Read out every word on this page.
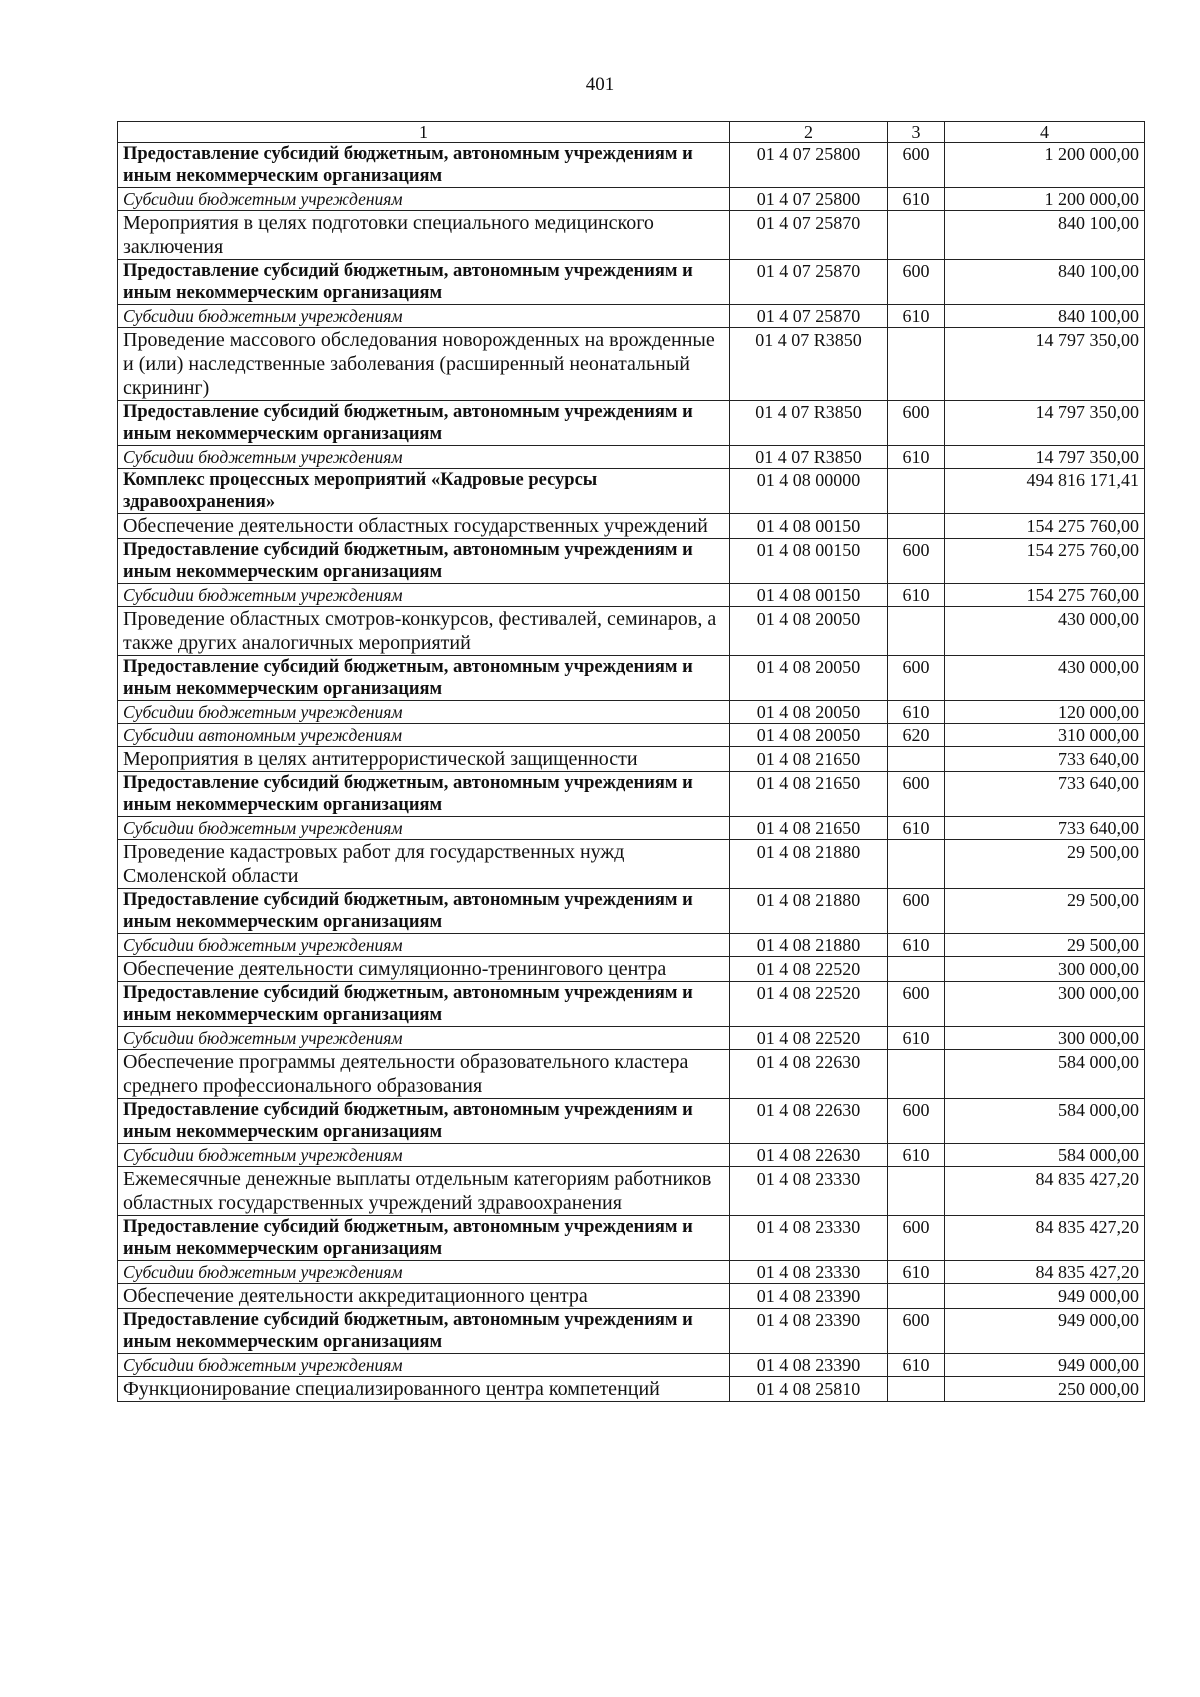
401
1	2	3	4
Предоставление субсидий бюджетным, автономным учреждениям и иным некоммерческим организациям	01 4 07 25800	600	1 200 000,00
Субсидии бюджетным учреждениям	01 4 07 25800	610	1 200 000,00
Мероприятия в целях подготовки специального медицинского заключения	01 4 07 25870		840 100,00
Предоставление субсидий бюджетным, автономным учреждениям и иным некоммерческим организациям	01 4 07 25870	600	840 100,00
Субсидии бюджетным учреждениям	01 4 07 25870	610	840 100,00
Проведение массового обследования новорожденных на врожденные и (или) наследственные заболевания (расширенный неонатальный скрининг)	01 4 07 R3850		14 797 350,00
Предоставление субсидий бюджетным, автономным учреждениям и иным некоммерческим организациям	01 4 07 R3850	600	14 797 350,00
Субсидии бюджетным учреждениям	01 4 07 R3850	610	14 797 350,00
Комплекс процессных мероприятий «Кадровые ресурсы здравоохранения»	01 4 08 00000		494 816 171,41
Обеспечение деятельности областных государственных учреждений	01 4 08 00150		154 275 760,00
Предоставление субсидий бюджетным, автономным учреждениям и иным некоммерческим организациям	01 4 08 00150	600	154 275 760,00
Субсидии бюджетным учреждениям	01 4 08 00150	610	154 275 760,00
Проведение областных смотров-конкурсов, фестивалей, семинаров, а также других аналогичных мероприятий	01 4 08 20050		430 000,00
Предоставление субсидий бюджетным, автономным учреждениям и иным некоммерческим организациям	01 4 08 20050	600	430 000,00
Субсидии бюджетным учреждениям	01 4 08 20050	610	120 000,00
Субсидии автономным учреждениям	01 4 08 20050	620	310 000,00
Мероприятия в целях антитеррористической защищенности	01 4 08 21650		733 640,00
Предоставление субсидий бюджетным, автономным учреждениям и иным некоммерческим организациям	01 4 08 21650	600	733 640,00
Субсидии бюджетным учреждениям	01 4 08 21650	610	733 640,00
Проведение кадастровых работ для государственных нужд Смоленской области	01 4 08 21880		29 500,00
Предоставление субсидий бюджетным, автономным учреждениям и иным некоммерческим организациям	01 4 08 21880	600	29 500,00
Субсидии бюджетным учреждениям	01 4 08 21880	610	29 500,00
Обеспечение деятельности симуляционно-тренингового центра	01 4 08 22520		300 000,00
Предоставление субсидий бюджетным, автономным учреждениям и иным некоммерческим организациям	01 4 08 22520	600	300 000,00
Субсидии бюджетным учреждениям	01 4 08 22520	610	300 000,00
Обеспечение программы деятельности образовательного кластера среднего профессионального образования	01 4 08 22630		584 000,00
Предоставление субсидий бюджетным, автономным учреждениям и иным некоммерческим организациям	01 4 08 22630	600	584 000,00
Субсидии бюджетным учреждениям	01 4 08 22630	610	584 000,00
Ежемесячные денежные выплаты отдельным категориям работников областных государственных учреждений здравоохранения	01 4 08 23330		84 835 427,20
Предоставление субсидий бюджетным, автономным учреждениям и иным некоммерческим организациям	01 4 08 23330	600	84 835 427,20
Субсидии бюджетным учреждениям	01 4 08 23330	610	84 835 427,20
Обеспечение деятельности аккредитационного центра	01 4 08 23390		949 000,00
Предоставление субсидий бюджетным, автономным учреждениям и иным некоммерческим организациям	01 4 08 23390	600	949 000,00
Субсидии бюджетным учреждениям	01 4 08 23390	610	949 000,00
Функционирование специализированного центра компетенций	01 4 08 25810		250 000,00
